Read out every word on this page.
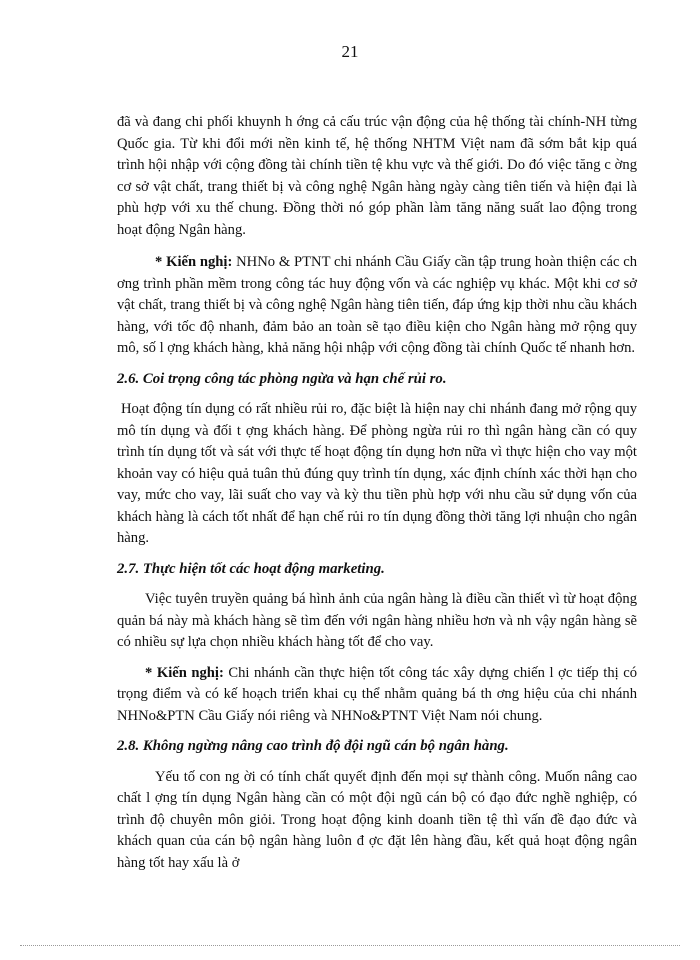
21

đã và đang chi phối khuynh h ớng cả cấu trúc vận động của hệ thống tài chính-NH từng Quốc gia. Từ khi đổi mới nền kinh tế, hệ thống NHTM Việt nam đã sớm bắt kịp quá trình hội nhập với cộng đồng tài chính tiền tệ khu vực và thế giới. Do đó việc tăng c ờng cơ sở vật chất, trang thiết bị và công nghệ Ngân hàng ngày càng tiên tiến và hiện đại là phù hợp với xu thế chung. Đồng thời nó góp phần làm tăng năng suất lao động trong hoạt động Ngân hàng.

* Kiến nghị: NHNo & PTNT chi nhánh Cầu Giấy cần tập trung hoàn thiện các ch ơng trình phần mềm trong công tác huy động vốn và các nghiệp vụ khác. Một khi cơ sở vật chất, trang thiết bị và công nghệ Ngân hàng tiên tiến, đáp ứng kịp thời nhu cầu khách hàng, với tốc độ nhanh, đảm bảo an toàn sẽ tạo điều kiện cho Ngân hàng mở rộng quy mô, số l ợng khách hàng, khả năng hội nhập với cộng đồng tài chính Quốc tế nhanh hơn.

2.6. Coi trọng công tác phòng ngừa và hạn chế rủi ro.

Hoạt động tín dụng có rất nhiều rủi ro, đặc biệt là hiện nay chi nhánh đang mở rộng quy mô tín dụng và đối t ợng khách hàng. Để phòng ngừa rủi ro thì ngân hàng cần có quy trình tín dụng tốt và sát với thực tế hoạt động tín dụng hơn nữa vì thực hiện cho vay một khoản vay có hiệu quả tuân thủ đúng quy trình tín dụng, xác định chính xác thời hạn cho vay, mức cho vay, lãi suất cho vay và kỳ thu tiền phù hợp với nhu cầu sử dụng vốn của khách hàng là cách tốt nhất để hạn chế rủi ro tín dụng đồng thời tăng lợi nhuận cho ngân hàng.

2.7. Thực hiện tốt các hoạt động marketing.

Việc tuyên truyền quảng bá hình ảnh của ngân hàng là điều cần thiết vì từ hoạt động quản bá này mà khách hàng sẽ tìm đến với ngân hàng nhiều hơn và nh vậy ngân hàng sẽ có nhiều sự lựa chọn nhiều khách hàng tốt để cho vay.

* Kiến nghị: Chi nhánh cần thực hiện tốt công tác xây dựng chiến l ợc tiếp thị có trọng điểm và có kế hoạch triển khai cụ thể nhằm quảng bá th ơng hiệu của chi nhánh NHNo&PTN Cầu Giấy nói riêng và NHNo&PTNT Việt Nam nói chung.

2.8. Không ngừng nâng cao trình độ đội ngũ cán bộ ngân hàng.

Yếu tố con ng ời có tính chất quyết định đến mọi sự thành công. Muốn nâng cao chất l ợng tín dụng Ngân hàng cần có một đội ngũ cán bộ có đạo đức nghề nghiệp, có trình độ chuyên môn giỏi. Trong hoạt động kinh doanh tiền tệ thì vấn đề đạo đức và khách quan của cán bộ ngân hàng luôn đ ợc đặt lên hàng đầu, kết quả hoạt động ngân hàng tốt hay xấu là ở
